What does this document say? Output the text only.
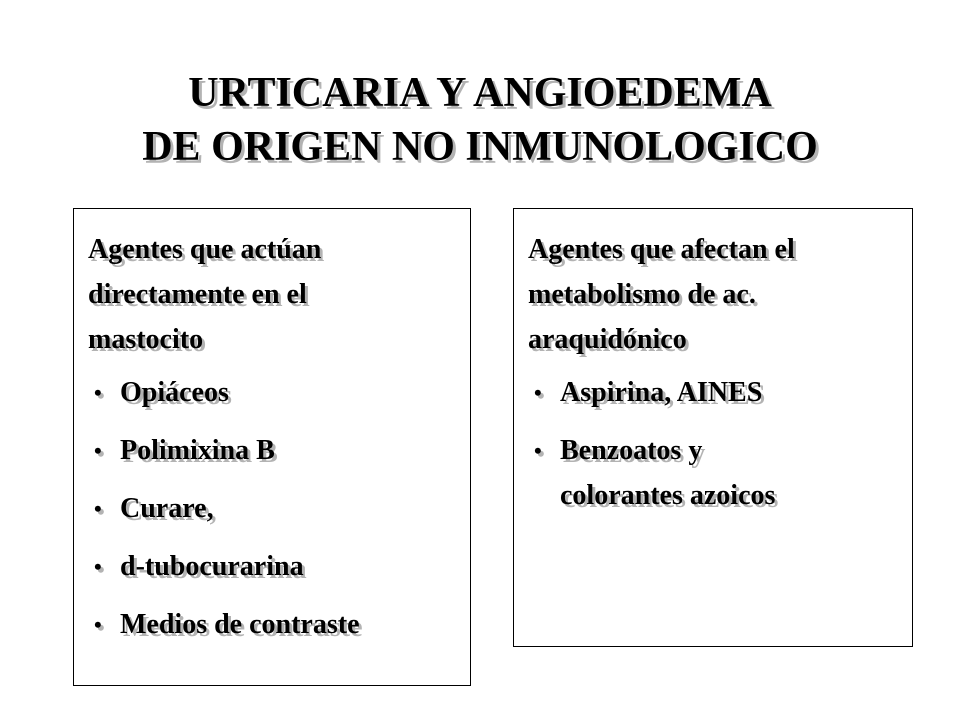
URTICARIA Y ANGIOEDEMA
DE ORIGEN NO INMUNOLOGICO

Agentes que actúan
directamente en el
mastocito

• Opiáceos
• Polimixina B
• Curare,
• d-tubocurarina
• Medios de contraste

Agentes que afectan el
metabolismo de ac.
araquidónico

• Aspirina, AINES
• Benzoatos y
colorantes azoicos
